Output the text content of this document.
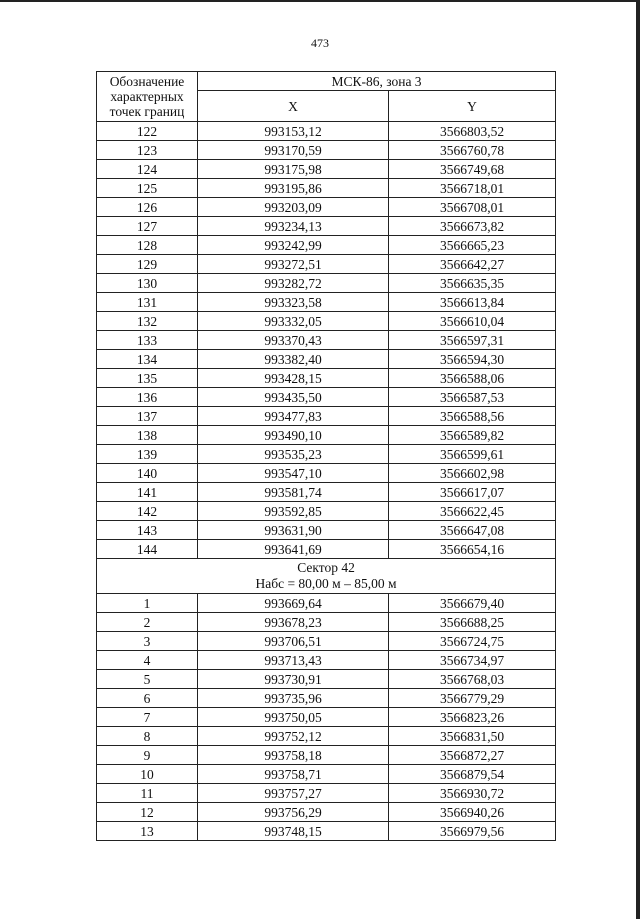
473
Обозначение
характерных
точек границ	МСК-86, зона 3	
	X	Y
122	993153,12	3566803,52
123	993170,59	3566760,78
124	993175,98	3566749,68
125	993195,86	3566718,01
126	993203,09	3566708,01
127	993234,13	3566673,82
128	993242,99	3566665,23
129	993272,51	3566642,27
130	993282,72	3566635,35
131	993323,58	3566613,84
132	993332,05	3566610,04
133	993370,43	3566597,31
134	993382,40	3566594,30
135	993428,15	3566588,06
136	993435,50	3566587,53
137	993477,83	3566588,56
138	993490,10	3566589,82
139	993535,23	3566599,61
140	993547,10	3566602,98
141	993581,74	3566617,07
142	993592,85	3566622,45
143	993631,90	3566647,08
144	993641,69	3566654,16
Сектор 42
Набс = 80,00 м – 85,00 м		
1	993669,64	3566679,40
2	993678,23	3566688,25
3	993706,51	3566724,75
4	993713,43	3566734,97
5	993730,91	3566768,03
6	993735,96	3566779,29
7	993750,05	3566823,26
8	993752,12	3566831,50
9	993758,18	3566872,27
10	993758,71	3566879,54
11	993757,27	3566930,72
12	993756,29	3566940,26
13	993748,15	3566979,56
